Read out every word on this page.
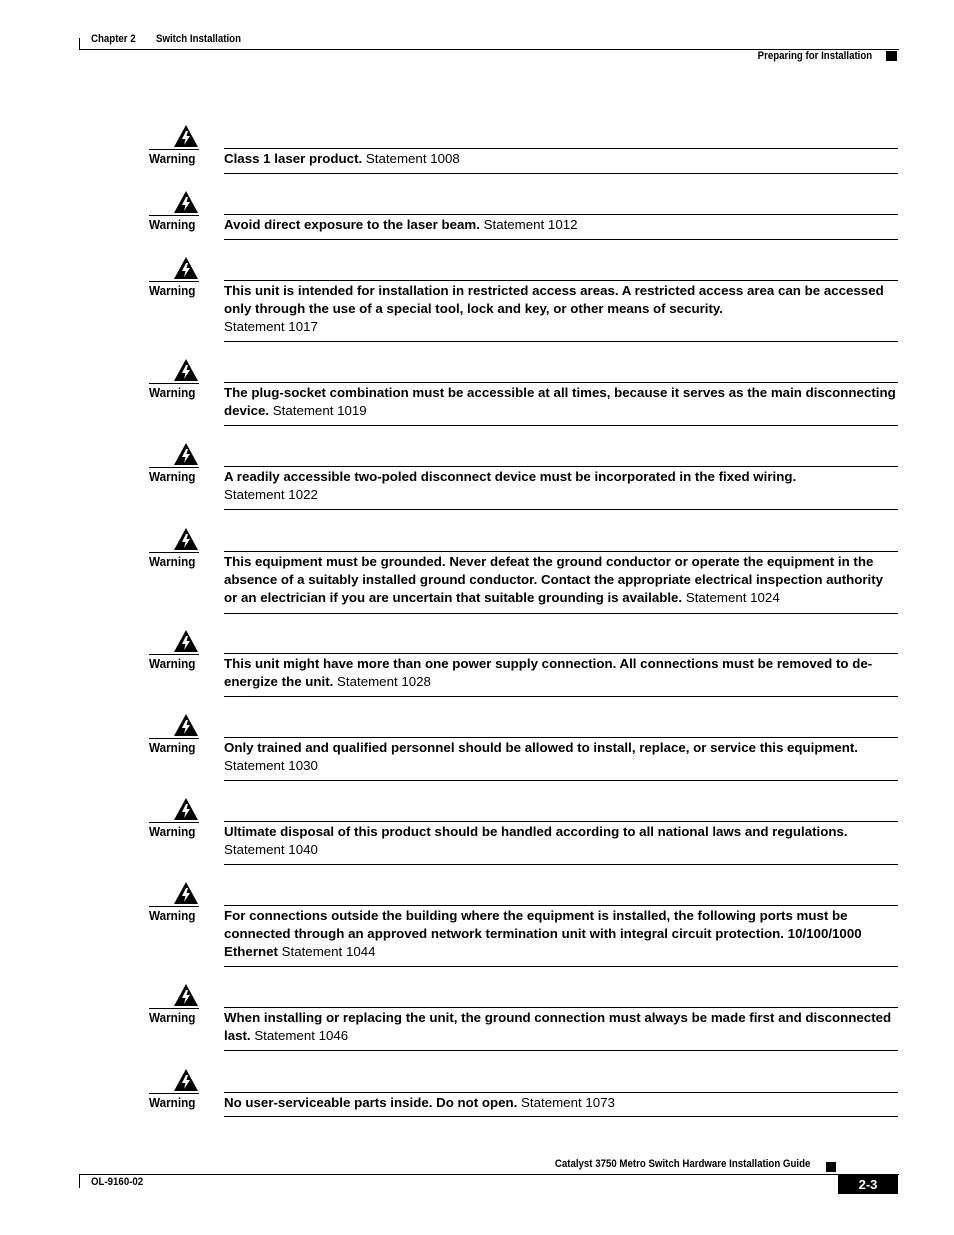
Chapter 2 Switch Installation
Preparing for Installation
Warning Class 1 laser product. Statement 1008
Warning Avoid direct exposure to the laser beam. Statement 1012
Warning This unit is intended for installation in restricted access areas. A restricted access area can be accessed only through the use of a special tool, lock and key, or other means of security.
Statement 1017
Warning The plug-socket combination must be accessible at all times, because it serves as the main disconnecting device. Statement 1019
Warning A readily accessible two-poled disconnect device must be incorporated in the fixed wiring.
Statement 1022
Warning This equipment must be grounded. Never defeat the ground conductor or operate the equipment in the absence of a suitably installed ground conductor. Contact the appropriate electrical inspection authority or an electrician if you are uncertain that suitable grounding is available. Statement 1024
Warning This unit might have more than one power supply connection. All connections must be removed to de-energize the unit. Statement 1028
Warning Only trained and qualified personnel should be allowed to install, replace, or service this equipment.
Statement 1030
Warning Ultimate disposal of this product should be handled according to all national laws and regulations.
Statement 1040
Warning For connections outside the building where the equipment is installed, the following ports must be connected through an approved network termination unit with integral circuit protection. 10/100/1000 Ethernet Statement 1044
Warning When installing or replacing the unit, the ground connection must always be made first and disconnected last. Statement 1046
Warning No user-serviceable parts inside. Do not open. Statement 1073
Catalyst 3750 Metro Switch Hardware Installation Guide
OL-9160-02	2-3
